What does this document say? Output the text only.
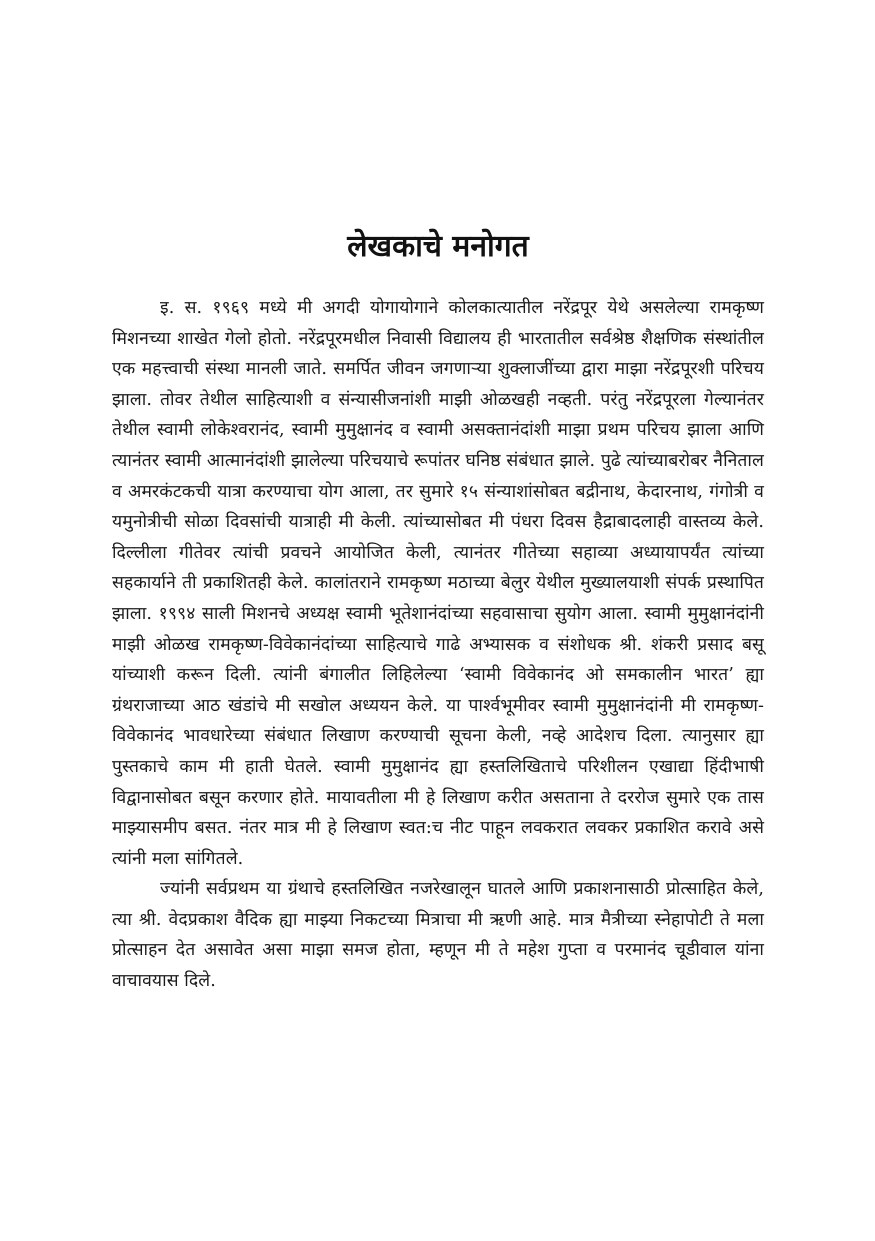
लेखकाचे मनोगत

इ. स. १९६९ मध्ये मी अगदी योगायोगाने कोलकात्यातील नरेंद्रपूर येथे असलेल्या रामकृष्ण मिशनच्या शाखेत गेलो होतो. नरेंद्रपूरमधील निवासी विद्यालय ही भारतातील सर्वश्रेष्ठ शैक्षणिक संस्थांतील एक महत्त्वाची संस्था मानली जाते. समर्पित जीवन जगणाऱ्या शुक्लाजींच्या द्वारा माझा नरेंद्रपूरशी परिचय झाला. तोवर तेथील साहित्याशी व संन्यासीजनांशी माझी ओळखही नव्हती. परंतु नरेंद्रपूरला गेल्यानंतर तेथील स्वामी लोकेश्वरानंद, स्वामी मुमुक्षानंद व स्वामी असक्तानंदांशी माझा प्रथम परिचय झाला आणि त्यानंतर स्वामी आत्मानंदांशी झालेल्या परिचयाचे रूपांतर घनिष्ठ संबंधात झाले. पुढे त्यांच्याबरोबर नैनिताल व अमरकंटकची यात्रा करण्याचा योग आला, तर सुमारे १५ संन्याशांसोबत बद्रीनाथ, केदारनाथ, गंगोत्री व यमुनोत्रीची सोळा दिवसांची यात्राही मी केली. त्यांच्यासोबत मी पंधरा दिवस हैद्राबादलाही वास्तव्य केले. दिल्लीला गीतेवर त्यांची प्रवचने आयोजित केली, त्यानंतर गीतेच्या सहाव्या अध्यायापर्यंत त्यांच्या सहकार्याने ती प्रकाशितही केले. कालांतराने रामकृष्ण मठाच्या बेलुर येथील मुख्यालयाशी संपर्क प्रस्थापित झाला. १९९४ साली मिशनचे अध्यक्ष स्वामी भूतेशानंदांच्या सहवासाचा सुयोग आला. स्वामी मुमुक्षानंदांनी माझी ओळख रामकृष्ण-विवेकानंदांच्या साहित्याचे गाढे अभ्यासक व संशोधक श्री. शंकरी प्रसाद बसू यांच्याशी करून दिली. त्यांनी बंगालीत लिहिलेल्या ‘स्वामी विवेकानंद ओ समकालीन भारत’ ह्या ग्रंथराजाच्या आठ खंडांचे मी सखोल अध्ययन केले. या पार्श्वभूमीवर स्वामी मुमुक्षानंदांनी मी रामकृष्ण-विवेकानंद भावधारेच्या संबंधात लिखाण करण्याची सूचना केली, नव्हे आदेशच दिला. त्यानुसार ह्या पुस्तकाचे काम मी हाती घेतले. स्वामी मुमुक्षानंद ह्या हस्तलिखिताचे परिशीलन एखाद्या हिंदीभाषी विद्वानासोबत बसून करणार होते. मायावतीला मी हे लिखाण करीत असताना ते दररोज सुमारे एक तास माझ्यासमीप बसत. नंतर मात्र मी हे लिखाण स्वत:च नीट पाहून लवकरात लवकर प्रकाशित करावे असे त्यांनी मला सांगितले.

ज्यांनी सर्वप्रथम या ग्रंथाचे हस्तलिखित नजरेखालून घातले आणि प्रकाशनासाठी प्रोत्साहित केले, त्या श्री. वेदप्रकाश वैदिक ह्या माझ्या निकटच्या मित्राचा मी ऋणी आहे. मात्र मैत्रीच्या स्नेहापोटी ते मला प्रोत्साहन देत असावेत असा माझा समज होता, म्हणून मी ते महेश गुप्ता व परमानंद चूडीवाल यांना वाचावयास दिले.
